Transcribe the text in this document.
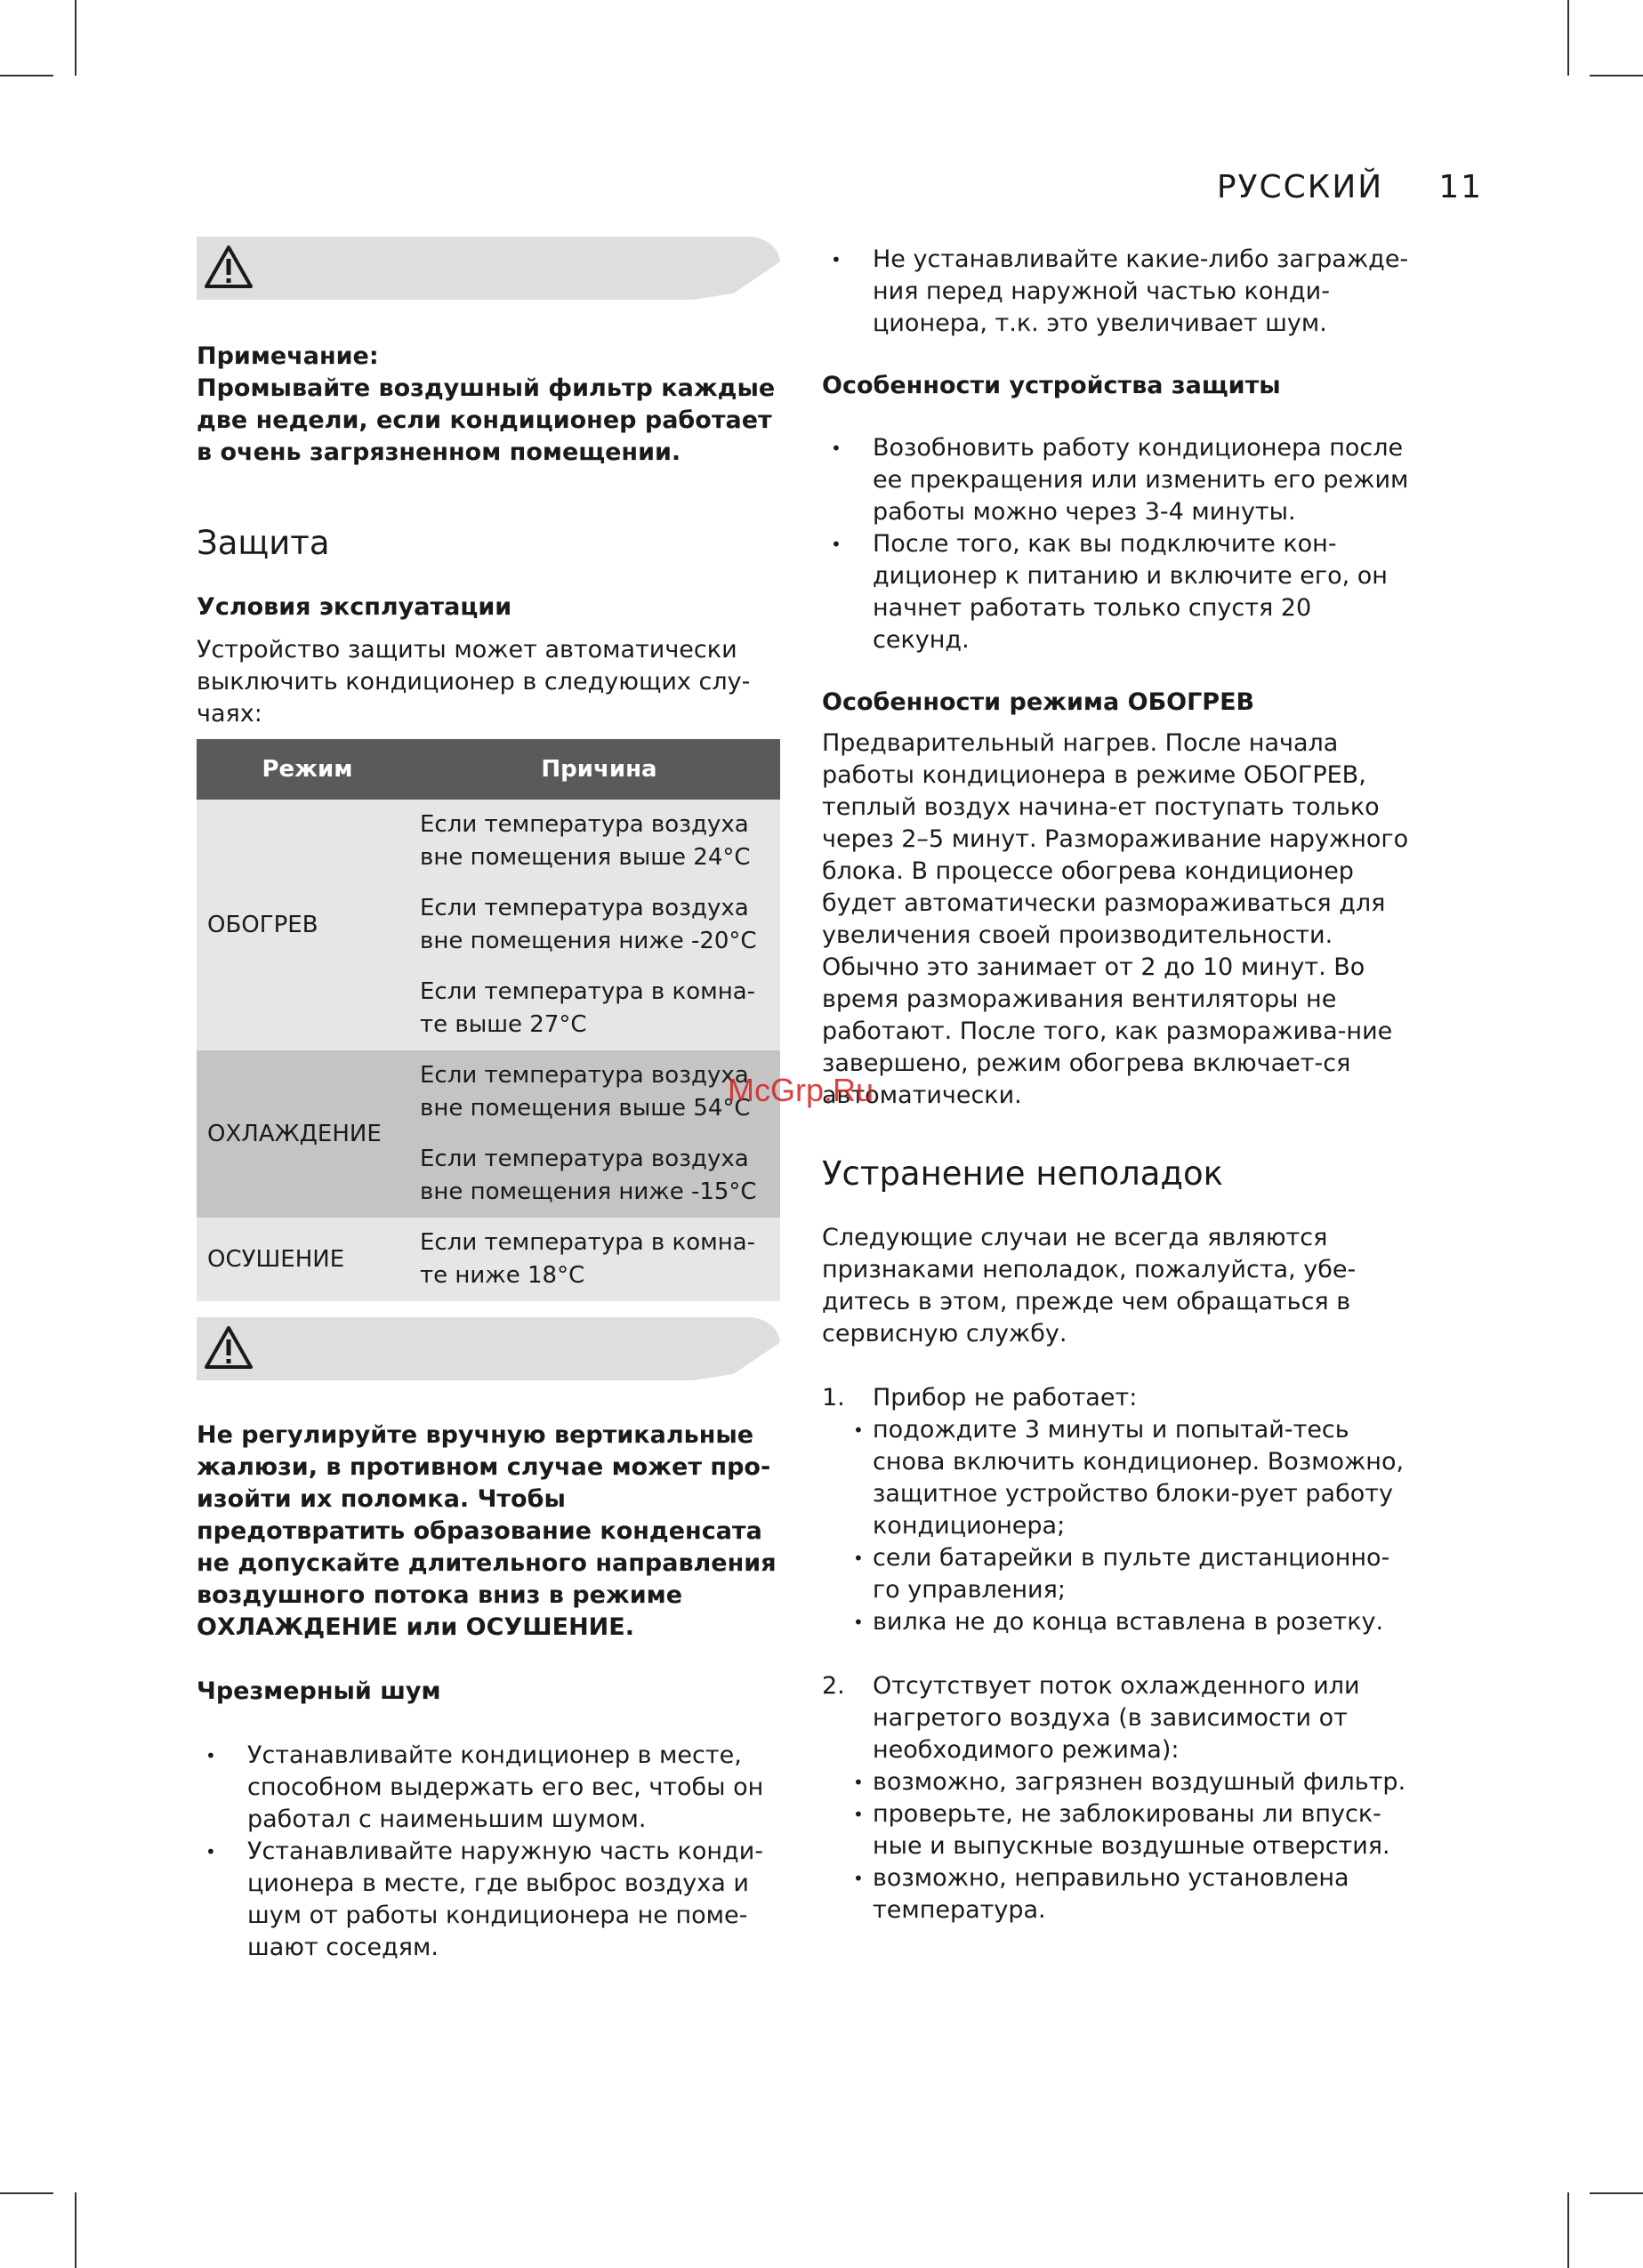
РУССКИЙ 11

Примечание:

Промывайте воздушный фильтр каждые две недели, если кондиционер работает в очень загрязненном помещении.

Защита
Условия эксплуатации

Устройство защиты может автоматически выключить кондиционер в следующих слу-чаях:

Режим	Причина
ОБОГРЕВ	Если температура воздуха вне помещения выше 24°C
	Если температура воздуха вне помещения ниже -20°C
	Если температура в комна-те выше 27°C
ОХЛАЖДЕНИЕ	Если температура воздуха вне помещения выше 54°C
	Если температура воздуха вне помещения ниже -15°C
ОСУШЕНИЕ	Если температура в комна-те ниже 18°C

Не регулируйте вручную вертикальные жалюзи, в противном случае может про-изойти их поломка. Чтобы предотвратить образование конденсата не допускайте длительного направления воздушного потока вниз в режиме ОХЛАЖДЕНИЕ или ОСУШЕНИЕ.

Чрезмерный шум
• Устанавливайте кондиционер в месте, способном выдержать его вес, чтобы он работал с наименьшим шумом.
• Устанавливайте наружную часть конди-ционера в месте, где выброс воздуха и шум от работы кондиционера не поме-шают соседям.
• Не устанавливайте какие-либо загражде-ния перед наружной частью конди-ционера, т.к. это увеличивает шум.
Особенности устройства защиты
• Возобновить работу кондиционера после ее прекращения или изменить его режим работы можно через 3-4 минуты.
• После того, как вы подключите кон-диционер к питанию и включите его, он начнет работать только спустя 20 секунд.
Особенности режима ОБОГРЕВ

Предварительный нагрев. После начала работы кондиционера в режиме ОБОГРЕВ, теплый воздух начина-ет поступать только через 2–5 минут. Размораживание наружного блока. В процессе обогрева кондиционер будет автоматически размораживаться для увеличения своей производительности. Обычно это занимает от 2 до 10 минут. Во время размораживания вентиляторы не работают. После того, как разморажива-ние завершено, режим обогрева включает-ся автоматически.

Устранение неполадок

Следующие случаи не всегда являются признаками неполадок, пожалуйста, убе-дитесь в этом, прежде чем обращаться в сервисную службу.

1. Прибор не работает:
• подождите 3 минуты и попытай-тесь снова включить кондиционер. Возможно, защитное устройство блоки-рует работу кондиционера;
• сели батарейки в пульте дистанционно-го управления;
• вилка не до конца вставлена в розетку.
2. Отсутствует поток охлажденного или нагретого воздуха (в зависимости от необходимого режима):
• возможно, загрязнен воздушный фильтр.
• проверьте, не заблокированы ли впуск-ные и выпускные воздушные отверстия.
• возможно, неправильно установлена температура.
McGrp.Ru
